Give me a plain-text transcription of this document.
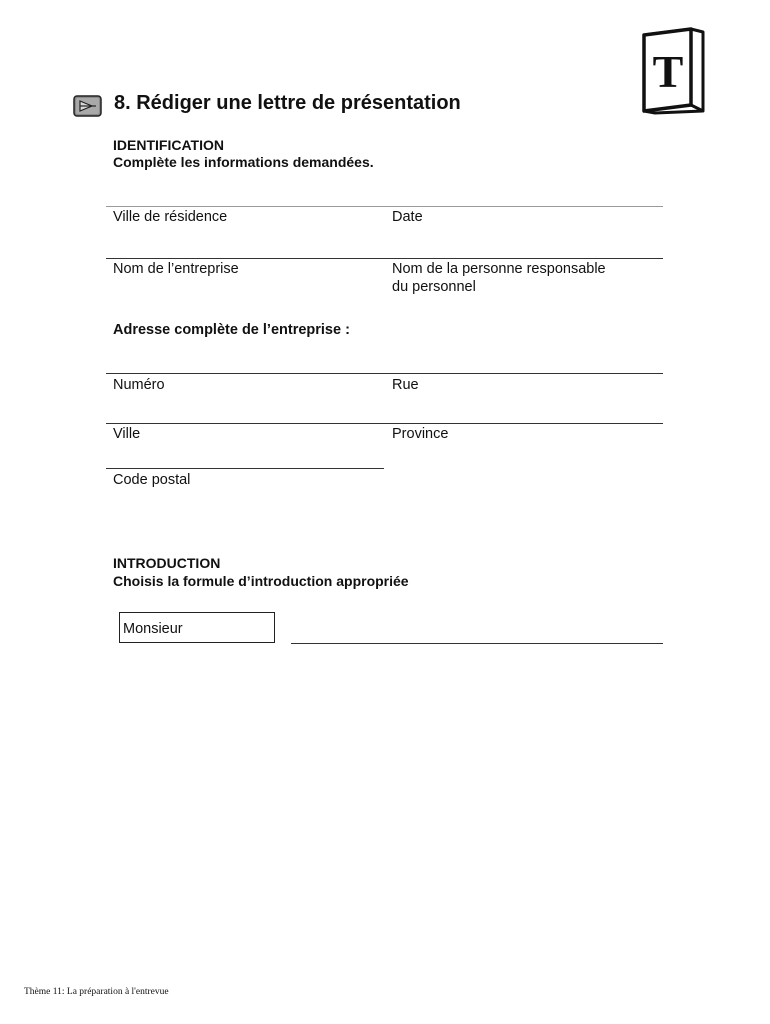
T
8. Rédiger une lettre de présentation
IDENTIFICATION
Complète les informations demandées.
Ville de résidence	Date
Nom de l’entreprise	Nom de la personne responsable
du personnel
Adresse complète de l’entreprise :
Numéro	Rue
Ville	Province
Code postal
INTRODUCTION
Choisis la formule d’introduction appropriée
Monsieur
Thème 11: La préparation à l'entrevue
